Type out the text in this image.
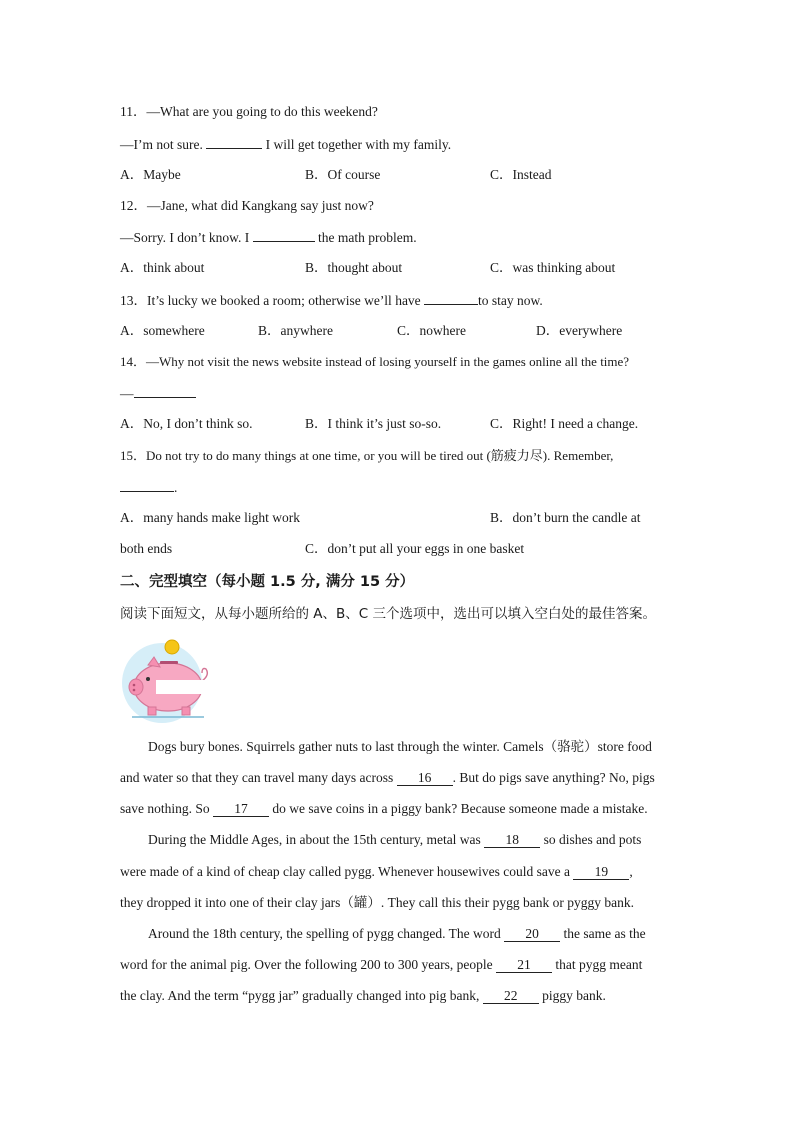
11．—What are you going to do this weekend?
—I’m not sure.	I will get together with my family.
A．Maybe	B．Of course	C．Instead
12．—Jane, what did Kangkang say just now?
—Sorry. I don’t know. I	the math problem.
A．think about	B．thought about	C．was thinking about
13．It’s lucky we booked a room; otherwise we’ll have	to stay now.
A．somewhere	B．anywhere	C．nowhere	D．everywhere
14．—Why not visit the news website instead of losing yourself in the games online all the time?
—
A．No, I don’t think so.	B．I think it’s just so-so.	C．Right! I need a change.
15．Do not try to do many things at one time, or you will be tired out (筋疲力尽). Remember,
.
A．many hands make light work	B．don’t burn the candle at
both ends	C．don’t put all your eggs in one basket
二、完型填空（每小题 1.5 分, 满分 15 分）
阅读下面短文，从每小题所给的 A、B、C 三个选项中，选出可以填入空白处的最佳答案。
Dogs bury bones. Squirrels gather nuts to last through the winter. Camels（骆驼）store food
and water so that they can travel many days across 16 . But do pigs save anything? No, pigs
save nothing. So 17 do we save coins in a piggy bank? Because someone made a mistake.
During the Middle Ages, in about the 15th century, metal was 18 so dishes and pots
were made of a kind of cheap clay called pygg. Whenever housewives could save a 19 ,
they dropped it into one of their clay jars（罐）. They call this their pygg bank or pyggy bank.
Around the 18th century, the spelling of pygg changed. The word 20 the same as the
word for the animal pig. Over the following 200 to 300 years, people 21 that pygg meant
the clay. And the term “pygg jar” gradually changed into pig bank, 22 piggy bank.
